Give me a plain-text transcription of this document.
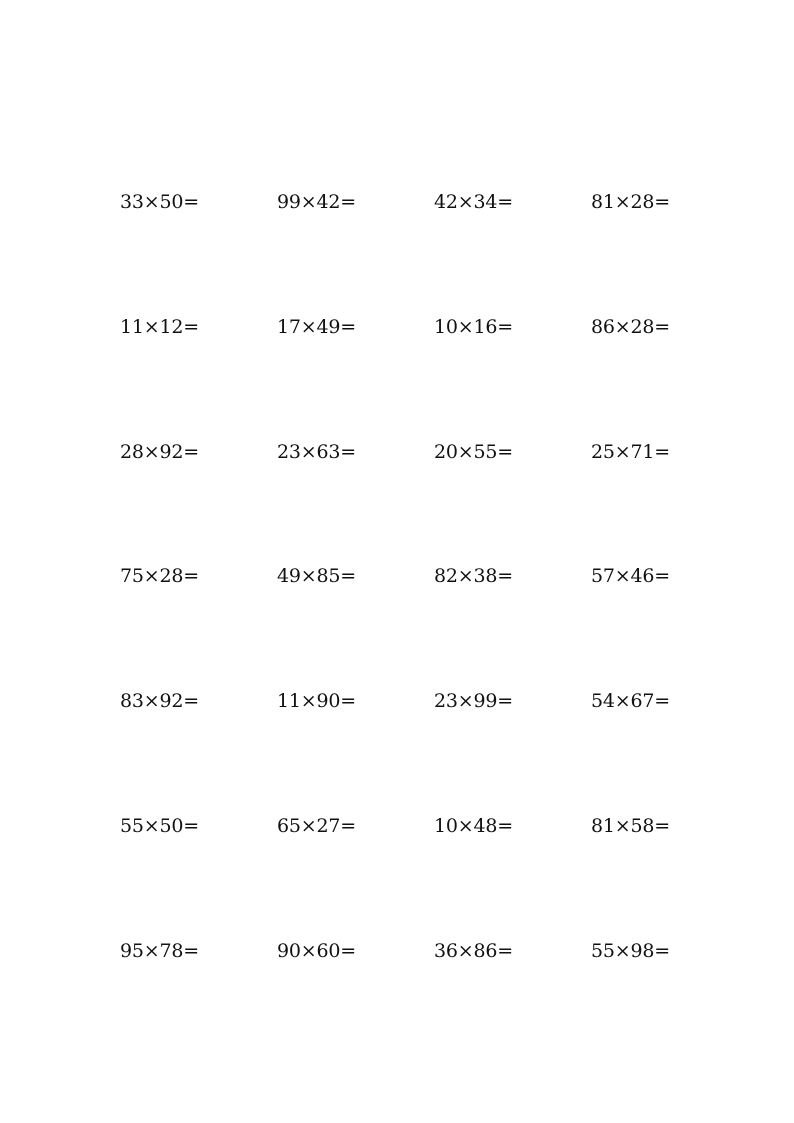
33×50=	99×42=	42×34=	81×28=
11×12=	17×49=	10×16=	86×28=
28×92=	23×63=	20×55=	25×71=
75×28=	49×85=	82×38=	57×46=
83×92=	11×90=	23×99=	54×67=
55×50=	65×27=	10×48=	81×58=
95×78=	90×60=	36×86=	55×98=
